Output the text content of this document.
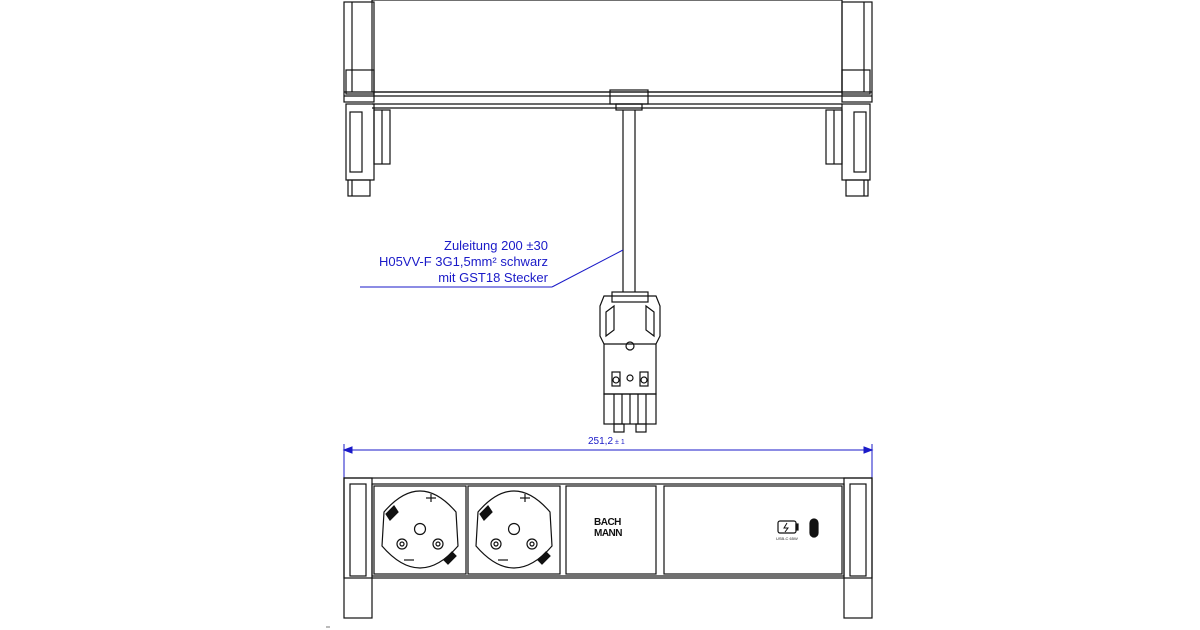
Zuleitung 200 ±30
H05VV-F 3G1,5mm² schwarz
mit GST18 Stecker
251,2 ± 1
BACH
MANN	USB-C 65W
